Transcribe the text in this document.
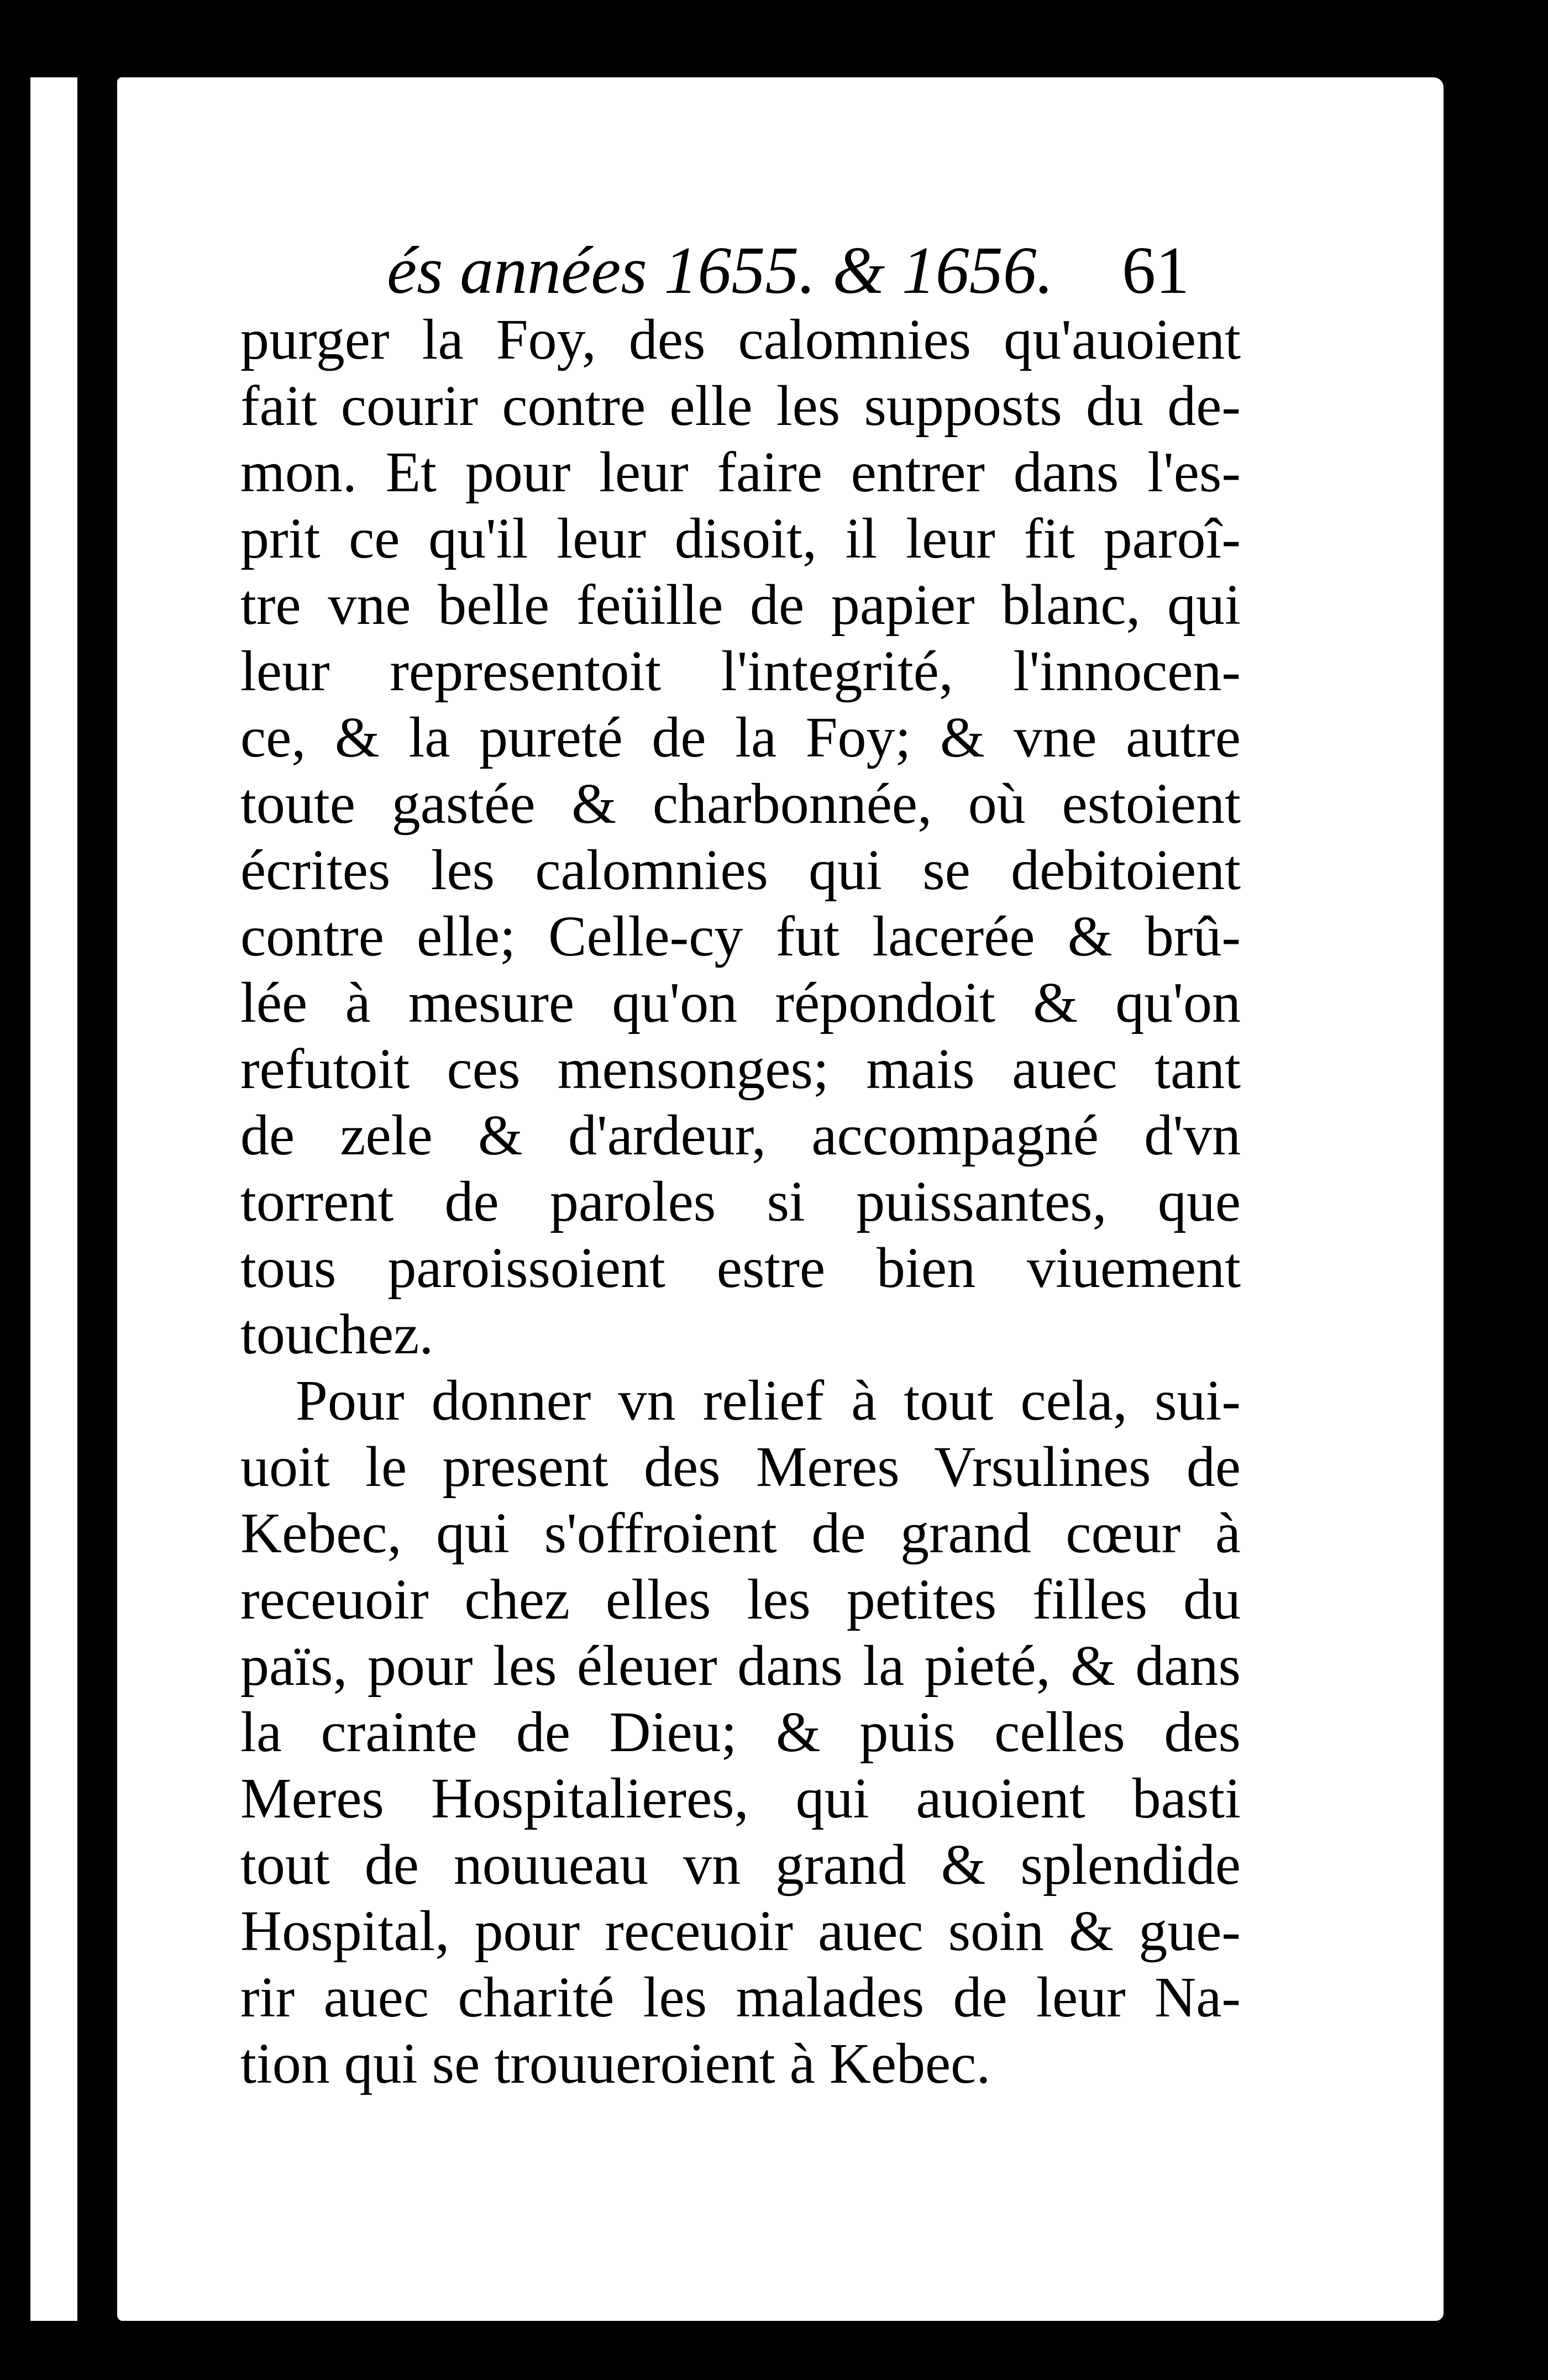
és années 1655. & 1656. 61
purger la Foy, des calomnies qu'auoient
fait courir contre elle les supposts du de-
mon. Et pour leur faire entrer dans l'es-
prit ce qu'il leur disoit, il leur fit paroî-
tre vne belle feüille de papier blanc, qui
leur representoit l'integrité, l'innocen-
ce, & la pureté de la Foy; & vne autre
toute gastée & charbonnée, où estoient
écrites les calomnies qui se debitoient
contre elle; Celle-cy fut lacerée & brû-
lée à mesure qu'on répondoit & qu'on
refutoit ces mensonges; mais auec tant
de zele & d'ardeur, accompagné d'vn
torrent de paroles si puissantes, que
tous paroissoient estre bien viuement
touchez.
Pour donner vn relief à tout cela, sui-
uoit le present des Meres Vrsulines de
Kebec, qui s'offroient de grand cœur à
receuoir chez elles les petites filles du
païs, pour les éleuer dans la pieté, & dans
la crainte de Dieu; & puis celles des
Meres Hospitalieres, qui auoient basti
tout de nouueau vn grand & splendide
Hospital, pour receuoir auec soin & gue-
rir auec charité les malades de leur Na-
tion qui se trouueroient à Kebec.
